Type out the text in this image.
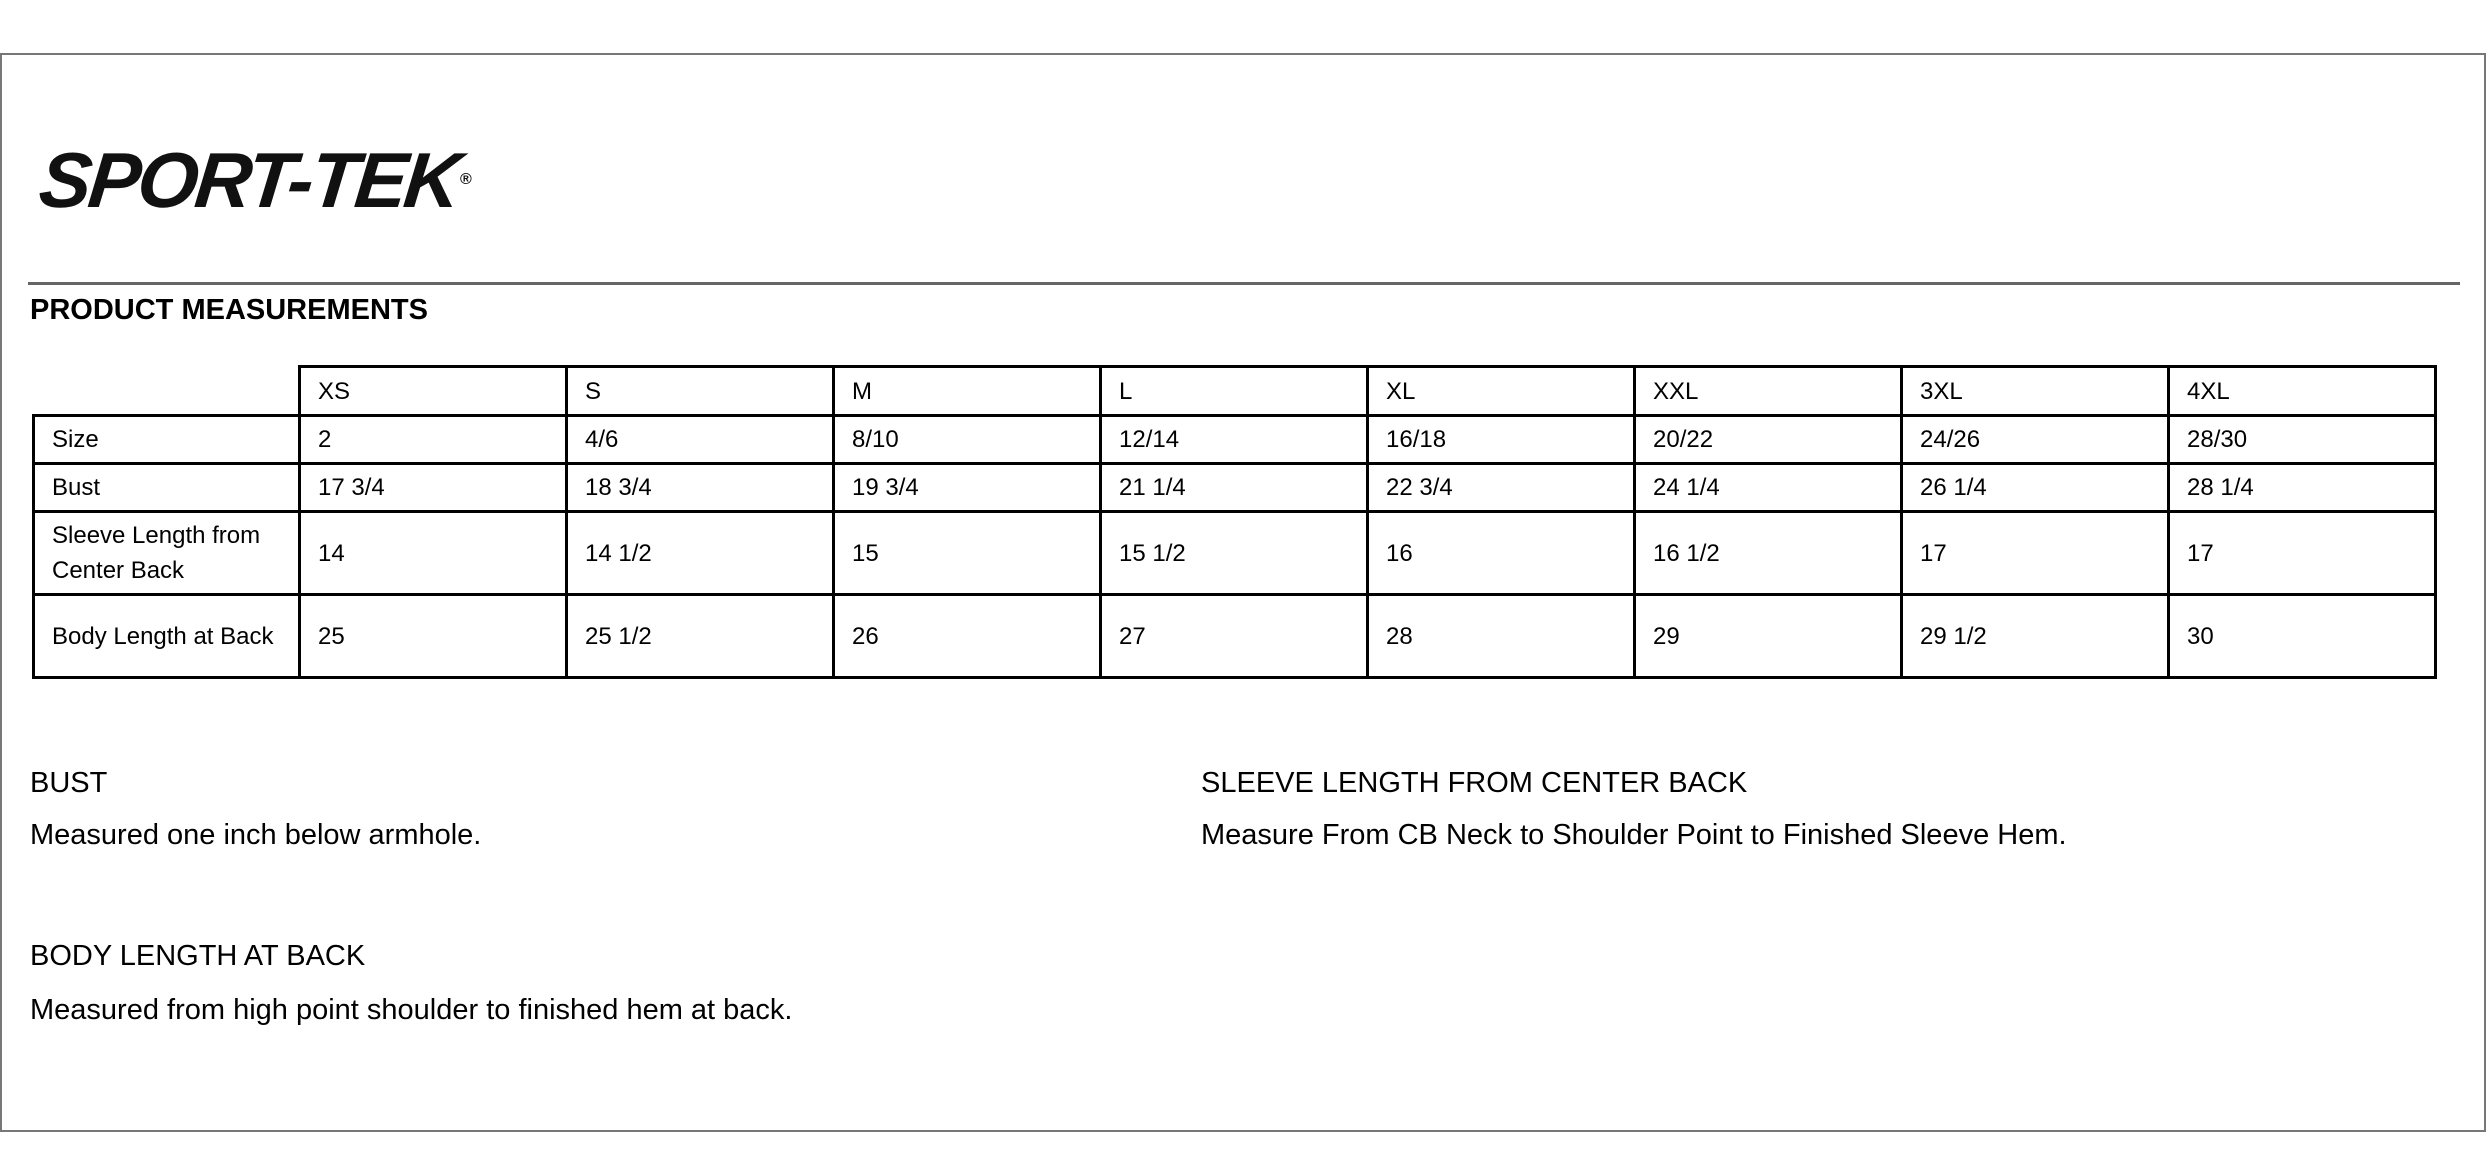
SPORT-TEK
®
PRODUCT MEASUREMENTS
	XS	S	M	L	XL	XXL	3XL	4XL
Size	2	4/6	8/10	12/14	16/18	20/22	24/26	28/30
Bust	17 3/4	18 3/4	19 3/4	21 1/4	22 3/4	24 1/4	26 1/4	28 1/4
Sleeve Length from Center Back	14	14 1/2	15	15 1/2	16	16 1/2	17	17
Body Length at Back	25	25 1/2	26	27	28	29	29 1/2	30
BUST
Measured one inch below armhole.
SLEEVE LENGTH FROM CENTER BACK
Measure From CB Neck to Shoulder Point to Finished Sleeve Hem.
BODY LENGTH AT BACK
Measured from high point shoulder to finished hem at back.
